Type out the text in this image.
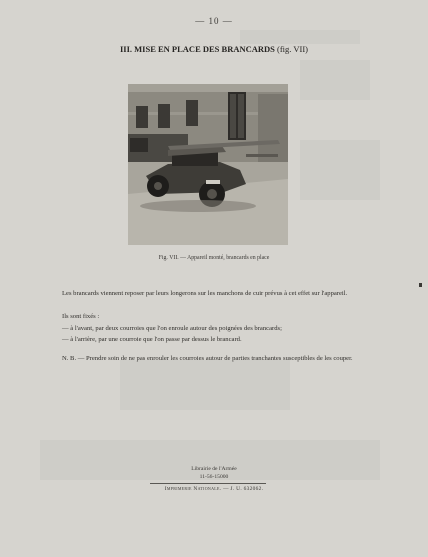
— 10 —
III. MISE EN PLACE DES BRANCARDS (fig. VII)
Fig. VII. — Appareil monté, brancards en place
Les brancards viennent reposer par leurs longerons sur les manchons de cuir prévus à cet effet sur l'appareil.
Ils sont fixés :
— à l'avant, par deux courroies que l'on enroule autour des poignées des brancards;
— à l'arrière, par une courroie que l'on passe par dessus le brancard.
N. B. — Prendre soin de ne pas enrouler les courroies autour de parties tranchantes susceptibles de les couper.
Librairie de l'Armée
11-56-15000
Imprimerie Nationale. — J. U. 632062.
